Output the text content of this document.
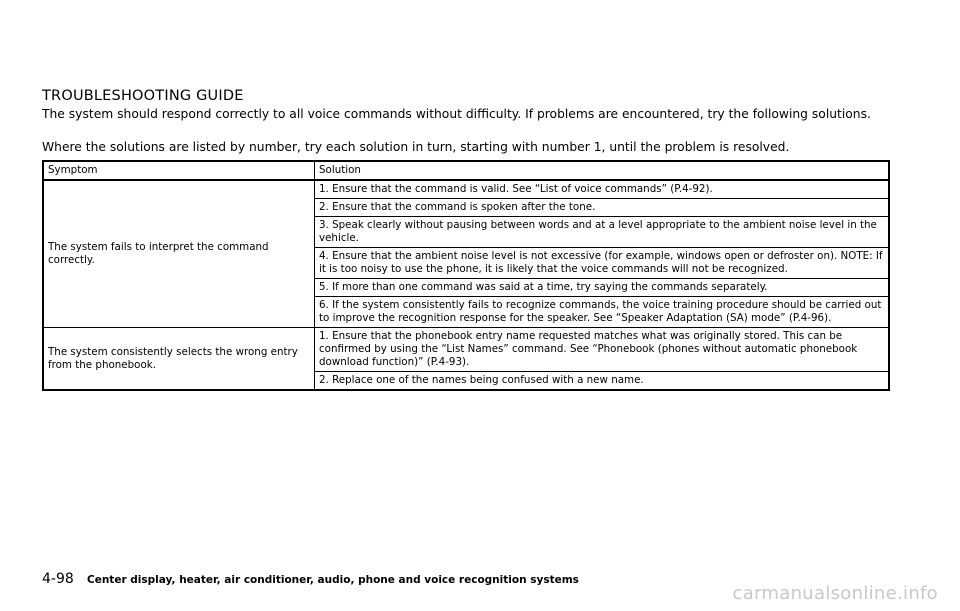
TROUBLESHOOTING GUIDE

The system should respond correctly to all voice commands without difficulty. If problems are encountered, try the following solutions.

Where the solutions are listed by number, try each solution in turn, starting with number 1, until the problem is resolved.

Symptom	Solution
The system fails to interpret the command correctly.	1. Ensure that the command is valid. See “List of voice commands” (P.4-92).
	2. Ensure that the command is spoken after the tone.
	3. Speak clearly without pausing between words and at a level appropriate to the ambient noise level in the vehicle.
	4. Ensure that the ambient noise level is not excessive (for example, windows open or defroster on). NOTE: If it is too noisy to use the phone, it is likely that the voice commands will not be recognized.
	5. If more than one command was said at a time, try saying the commands separately.
	6. If the system consistently fails to recognize commands, the voice training procedure should be carried out to improve the recognition response for the speaker. See “Speaker Adaptation (SA) mode” (P.4-96).
The system consistently selects the wrong entry from the phonebook.	1. Ensure that the phonebook entry name requested matches what was originally stored. This can be confirmed by using the “List Names” command. See “Phonebook (phones without automatic phonebook download function)” (P.4-93).
	2. Replace one of the names being confused with a new name.
4-98 Center display, heater, air conditioner, audio, phone and voice recognition systems
carmanualsonline.info
